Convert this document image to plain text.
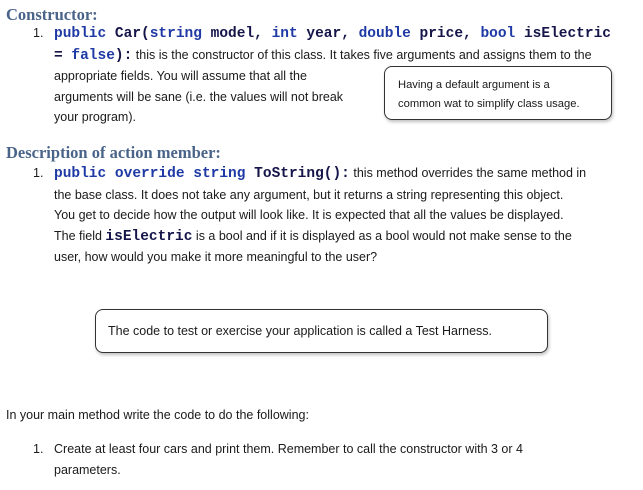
Constructor:
1. public Car(string model, int year, double price, bool isElectric
= false): this is the constructor of this class. It takes five arguments and assigns them to the
appropriate fields. You will assume that all the
arguments will be sane (i.e. the values will not break
your program).

Having a default argument is a
common wat to simplify class usage.
Description of action member:
1. public override string ToString(): this method overrides the same method in
the base class. It does not take any argument, but it returns a string representing this object.
You get to decide how the output will look like. It is expected that all the values be displayed.
The field isElectric is a bool and if it is displayed as a bool would not make sense to the
user, how would you make it more meaningful to the user?

The code to test or exercise your application is called a Test Harness.

In your main method write the code to do the following:

1. Create at least four cars and print them. Remember to call the constructor with 3 or 4
parameters.
